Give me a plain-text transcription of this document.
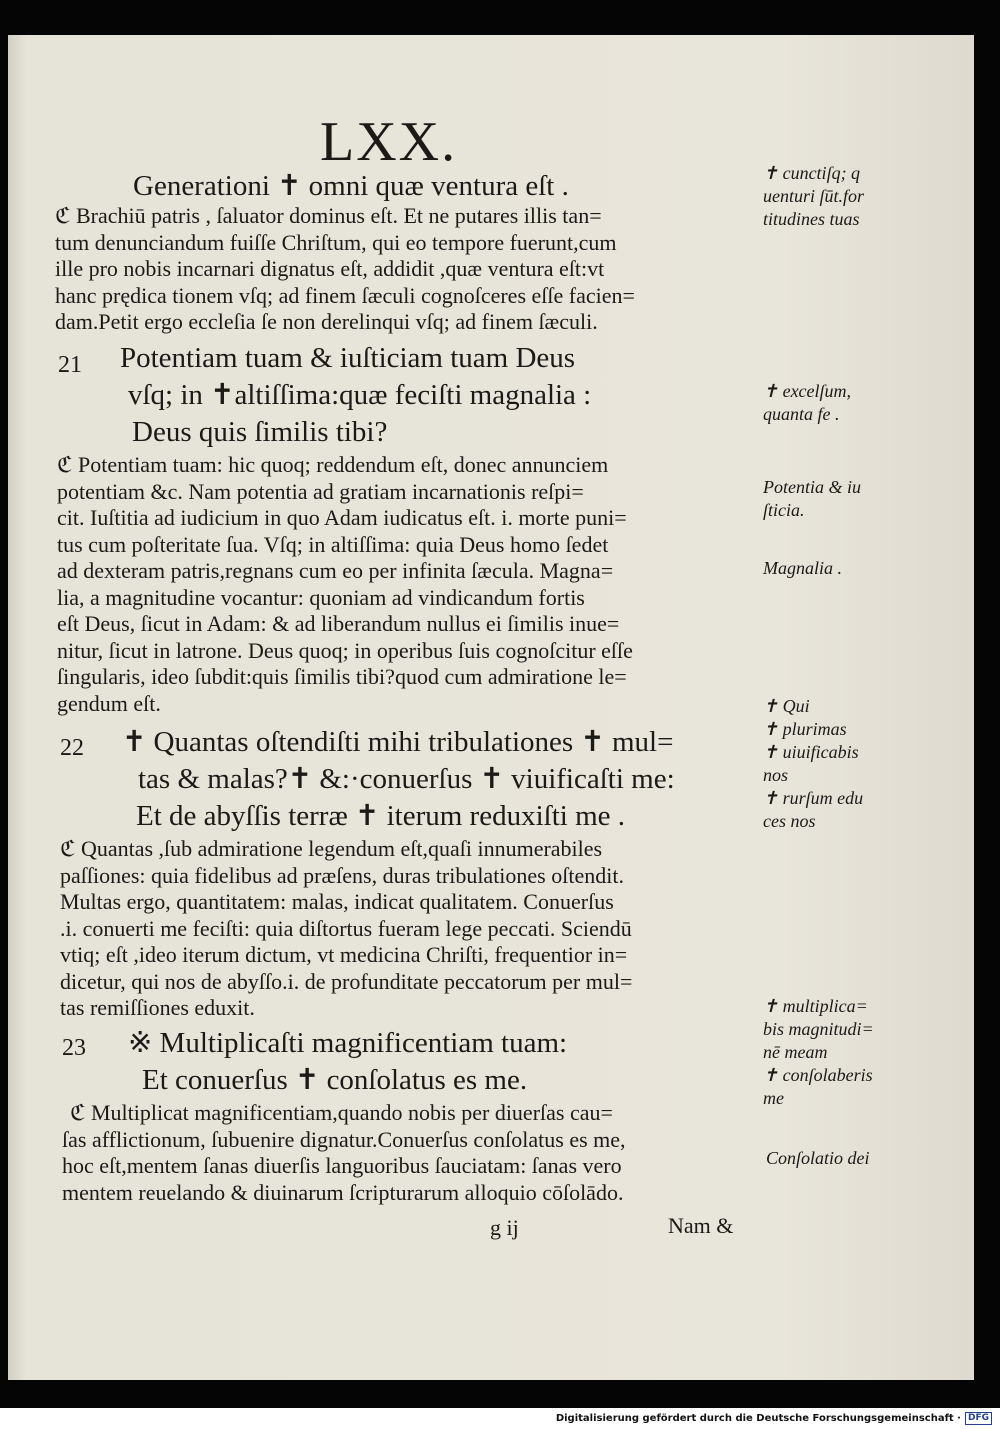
LXX.
Generationi ✝ omni quæ ventura eſt .
ℭ Brachiū patris , ſaluator dominus eſt. Et ne putares illis tan=
tum denunciandum fuiſſe Chriſtum, qui eo tempore fuerunt,cum
ille pro nobis incarnari dignatus eſt, addidit ,quæ ventura eſt:vt
hanc prędica tionem vſq; ad finem ſæculi cognoſceres eſſe facien=
dam.Petit ergo eccleſia ſe non derelinqui vſq; ad finem ſæculi.
21 Potentiam tuam & iuſticiam tuam Deus
vſq; in ✝altiſſima:quæ feciſti magnalia :
Deus quis ſimilis tibi?
ℭ Potentiam tuam: hic quoq; reddendum eſt, donec annunciem
potentiam &c. Nam potentia ad gratiam incarnationis reſpi=
cit. Iuſtitia ad iudicium in quo Adam iudicatus eſt. i. morte puni=
tus cum poſteritate ſua. Vſq; in altiſſima: quia Deus homo ſedet
ad dexteram patris,regnans cum eo per infinita ſæcula. Magna=
lia, a magnitudine vocantur: quoniam ad vindicandum fortis
eſt Deus, ſicut in Adam: & ad liberandum nullus ei ſimilis inue=
nitur, ſicut in latrone. Deus quoq; in operibus ſuis cognoſcitur eſſe
ſingularis, ideo ſubdit:quis ſimilis tibi?quod cum admiratione le=
gendum eſt.
22 ✝ Quantas oſtendiſti mihi tribulationes ✝ mul=
tas & malas?✝ &:·conuerſus ✝ viuificaſti me:
Et de abyſſis terræ ✝ iterum reduxiſti me .
ℭ Quantas ,ſub admiratione legendum eſt,quaſi innumerabiles
paſſiones: quia fidelibus ad præſens, duras tribulationes oſtendit.
Multas ergo, quantitatem: malas, indicat qualitatem. Conuerſus
.i. conuerti me feciſti: quia diſtortus fueram lege peccati. Sciendū
vtiq; eſt ,ideo iterum dictum, vt medicina Chriſti, frequentior in=
dicetur, qui nos de abyſſo.i. de profunditate peccatorum per mul=
tas remiſſiones eduxit.
23 ※ Multiplicaſti magnificentiam tuam:
Et conuerſus ✝ conſolatus es me.
ℭ Multiplicat magnificentiam,quando nobis per diuerſas cau=
ſas afflictionum, ſubuenire dignatur.Conuerſus conſolatus es me,
hoc eſt,mentem ſanas diuerſis languoribus ſauciatam: ſanas vero
mentem reuelando & diuinarum ſcripturarum alloquio cōſolādo.
g ij	Nam &
✝ cunctiſq; q
uenturi ſūt.for
titudines tuas
✝ excelſum,
quanta fe .
Potentia & iu
ſticia.
Magnalia .
✝ Qui
✝ plurimas
✝ uiuificabis
nos
✝ rurſum edu
ces nos
✝ multiplica=
bis magnitudi=
nē meam
✝ conſolaberis
me
Conſolatio dei
Digitalisierung gefördert durch die Deutsche Forschungsgemeinschaft · DFG
